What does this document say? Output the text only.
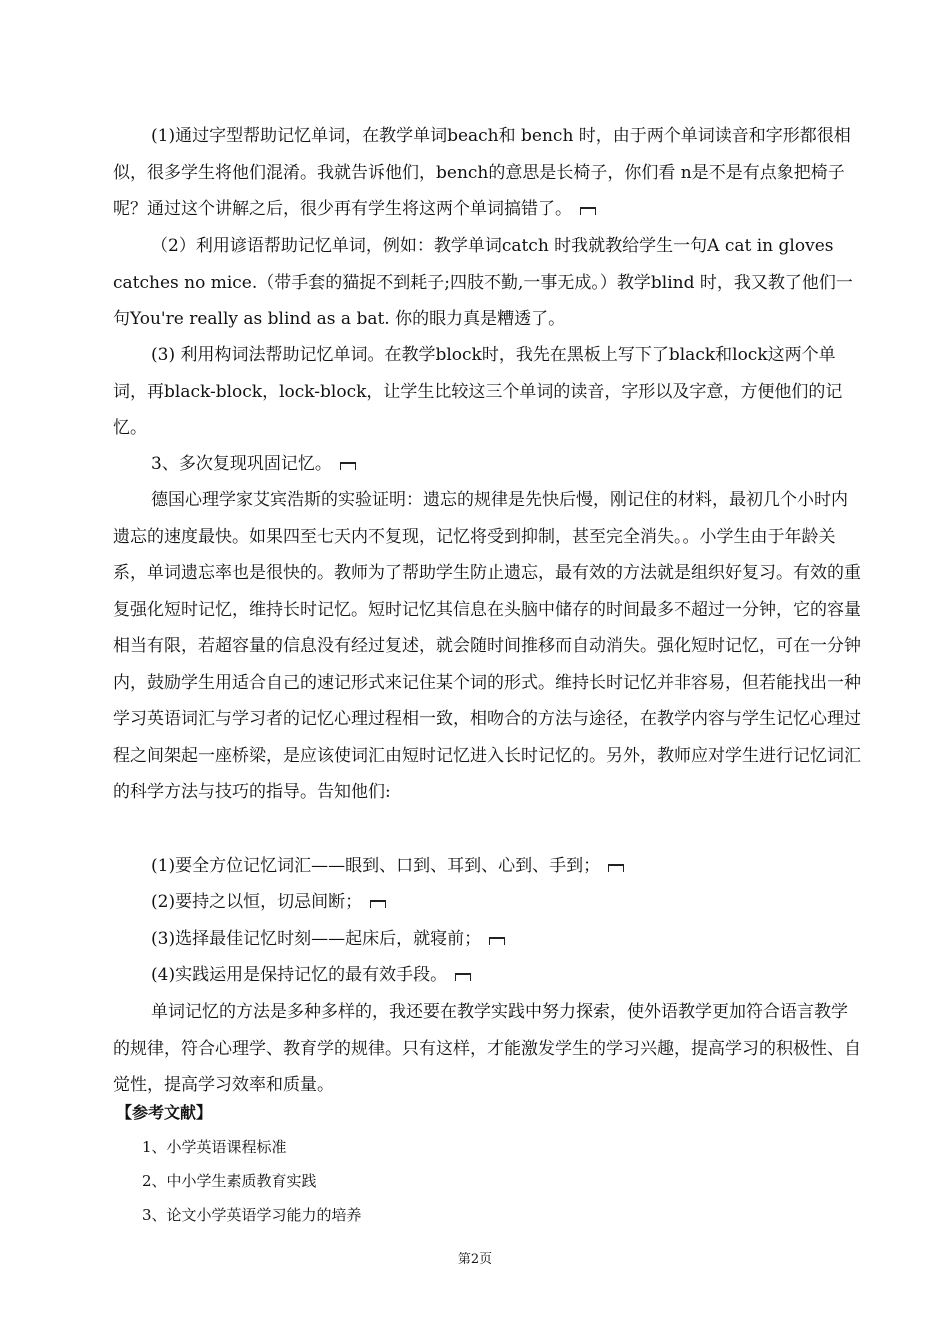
(1)通过字型帮助记忆单词，在教学单词beach和 bench 时，由于两个单词读音和字形都很相似，很多学生将他们混淆。我就告诉他们，bench的意思是长椅子，你们看 n是不是有点象把椅子呢？通过这个讲解之后，很少再有学生将这两个单词搞错了。

（2）利用谚语帮助记忆单词，例如：教学单词catch 时我就教给学生一句A cat in gloves catches no mice.（带手套的猫捉不到耗子;四肢不勤,一事无成。）教学blind 时，我又教了他们一句You're really as blind as a bat. 你的眼力真是糟透了。

(3) 利用构词法帮助记忆单词。在教学block时，我先在黑板上写下了black和lock这两个单词，再black-block，lock-block，让学生比较这三个单词的读音，字形以及字意，方便他们的记忆。

3、多次复现巩固记忆。

德国心理学家艾宾浩斯的实验证明：遗忘的规律是先快后慢，刚记住的材料，最初几个小时内遗忘的速度最快。如果四至七天内不复现，记忆将受到抑制，甚至完全消失。。小学生由于年龄关系，单词遗忘率也是很快的。教师为了帮助学生防止遗忘，最有效的方法就是组织好复习。有效的重复强化短时记忆，维持长时记忆。短时记忆其信息在头脑中储存的时间最多不超过一分钟，它的容量相当有限，若超容量的信息没有经过复述，就会随时间推移而自动消失。强化短时记忆，可在一分钟内，鼓励学生用适合自己的速记形式来记住某个词的形式。维持长时记忆并非容易，但若能找出一种学习英语词汇与学习者的记忆心理过程相一致，相吻合的方法与途径，在教学内容与学生记忆心理过程之间架起一座桥梁，是应该使词汇由短时记忆进入长时记忆的。另外，教师应对学生进行记忆词汇的科学方法与技巧的指导。告知他们:

(1)要全方位记忆词汇——眼到、口到、耳到、心到、手到；

(2)要持之以恒，切忌间断；

(3)选择最佳记忆时刻——起床后，就寝前；

(4)实践运用是保持记忆的最有效手段。

单词记忆的方法是多种多样的，我还要在教学实践中努力探索，使外语教学更加符合语言教学的规律，符合心理学、教育学的规律。只有这样，才能激发学生的学习兴趣，提高学习的积极性、自觉性，提高学习效率和质量。

【参考文献】

1、小学英语课程标准

2、中小学生素质教育实践

3、论文小学英语学习能力的培养

第2页
